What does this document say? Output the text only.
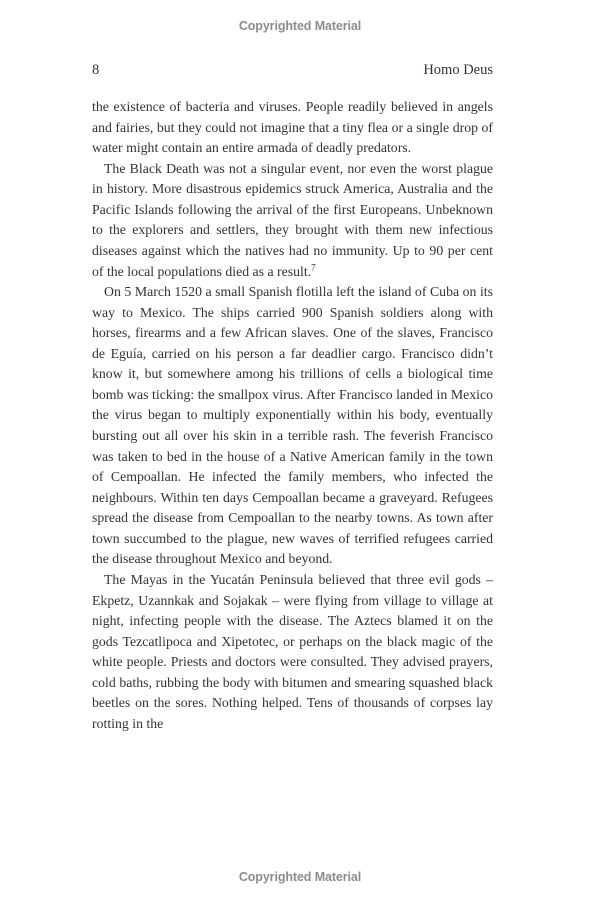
Copyrighted Material
8	Homo Deus

the existence of bacteria and viruses. People readily believed in angels and fairies, but they could not imagine that a tiny flea or a single drop of water might contain an entire armada of deadly predators.

The Black Death was not a singular event, nor even the worst plague in history. More disastrous epidemics struck America, Australia and the Pacific Islands following the arrival of the first Europeans. Unbeknown to the explorers and settlers, they brought with them new infectious diseases against which the natives had no immunity. Up to 90 per cent of the local populations died as a result.$^7$

On 5 March 1520 a small Spanish flotilla left the island of Cuba on its way to Mexico. The ships carried 900 Spanish soldiers along with horses, firearms and a few African slaves. One of the slaves, Francisco de Eguía, carried on his person a far deadlier cargo. Francisco didn’t know it, but somewhere among his trillions of cells a biological time bomb was ticking: the smallpox virus. After Francisco landed in Mexico the virus began to multiply exponentially within his body, eventually bursting out all over his skin in a terrible rash. The feverish Francisco was taken to bed in the house of a Native American family in the town of Cempoallan. He infected the family members, who infected the neighbours. Within ten days Cempoallan became a graveyard. Refugees spread the disease from Cempoallan to the nearby towns. As town after town succumbed to the plague, new waves of terrified refugees carried the disease throughout Mexico and beyond.

The Mayas in the Yucatán Peninsula believed that three evil gods – Ekpetz, Uzannkak and Sojakak – were flying from village to village at night, infecting people with the disease. The Aztecs blamed it on the gods Tezcatlipoca and Xipetotec, or perhaps on the black magic of the white people. Priests and doctors were consulted. They advised prayers, cold baths, rubbing the body with bitumen and smearing squashed black beetles on the sores. Nothing helped. Tens of thousands of corpses lay rotting in the

Copyrighted Material
